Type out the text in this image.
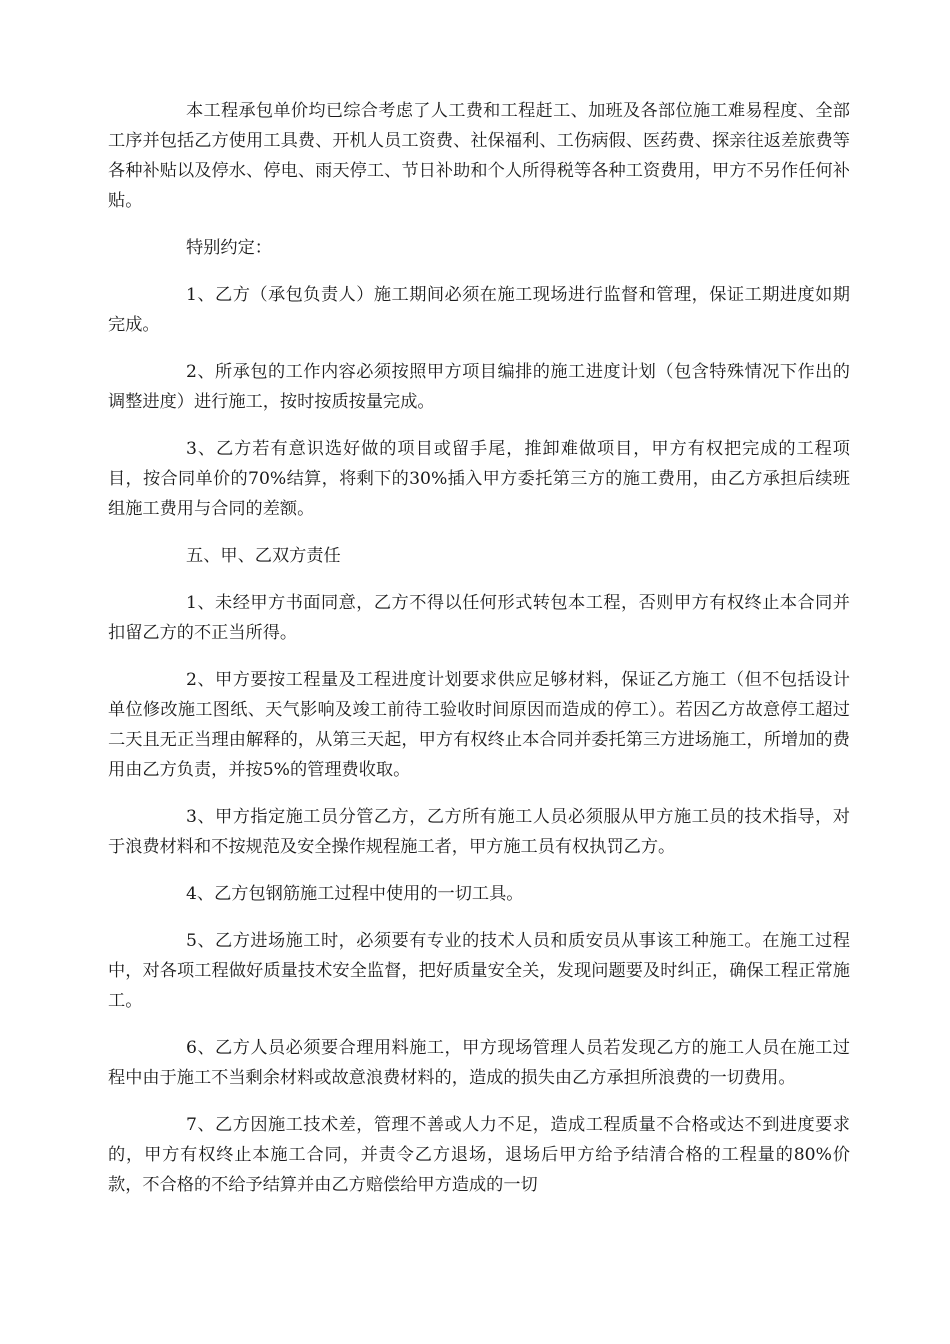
本工程承包单价均已综合考虑了人工费和工程赶工、加班及各部位施工难易程度、全部工序并包括乙方使用工具费、开机人员工资费、社保福利、工伤病假、医药费、探亲往返差旅费等各种补贴以及停水、停电、雨天停工、节日补助和个人所得税等各种工资费用，甲方不另作任何补贴。

特别约定：

1、乙方（承包负责人）施工期间必须在施工现场进行监督和管理，保证工期进度如期完成。

2、所承包的工作内容必须按照甲方项目编排的施工进度计划（包含特殊情况下作出的调整进度）进行施工，按时按质按量完成。

3、乙方若有意识选好做的项目或留手尾，推卸难做项目，甲方有权把完成的工程项目，按合同单价的70%结算，将剩下的30%插入甲方委托第三方的施工费用，由乙方承担后续班组施工费用与合同的差额。

五、甲、乙双方责任

1、未经甲方书面同意，乙方不得以任何形式转包本工程，否则甲方有权终止本合同并扣留乙方的不正当所得。

2、甲方要按工程量及工程进度计划要求供应足够材料，保证乙方施工（但不包括设计单位修改施工图纸、天气影响及竣工前待工验收时间原因而造成的停工）。若因乙方故意停工超过二天且无正当理由解释的，从第三天起，甲方有权终止本合同并委托第三方进场施工，所增加的费用由乙方负责，并按5%的管理费收取。

3、甲方指定施工员分管乙方，乙方所有施工人员必须服从甲方施工员的技术指导，对于浪费材料和不按规范及安全操作规程施工者，甲方施工员有权执罚乙方。

4、乙方包钢筋施工过程中使用的一切工具。

5、乙方进场施工时，必须要有专业的技术人员和质安员从事该工种施工。在施工过程中，对各项工程做好质量技术安全监督，把好质量安全关，发现问题要及时纠正，确保工程正常施工。

6、乙方人员必须要合理用料施工，甲方现场管理人员若发现乙方的施工人员在施工过程中由于施工不当剩余材料或故意浪费材料的，造成的损失由乙方承担所浪费的一切费用。

7、乙方因施工技术差，管理不善或人力不足，造成工程质量不合格或达不到进度要求的，甲方有权终止本施工合同，并责令乙方退场，退场后甲方给予结清合格的工程量的80%价款，不合格的不给予结算并由乙方赔偿给甲方造成的一切
